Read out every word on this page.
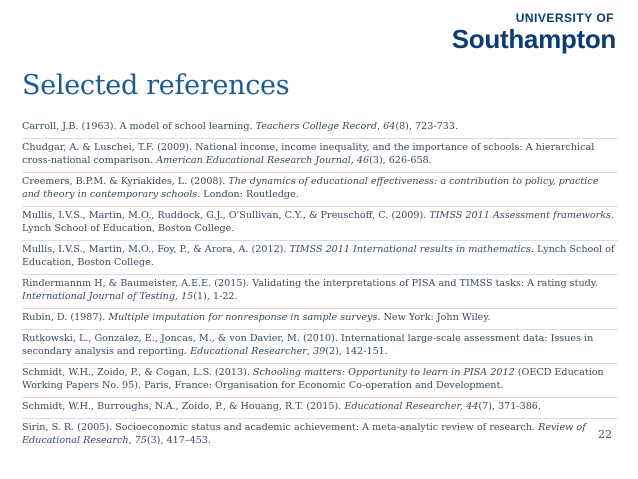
UNIVERSITY OF
Southampton
Selected references

Carroll, J.B. (1963). A model of school learning. Teachers College Record, 64(8), 723-733.

Chudgar, A. & Luschei, T.F. (2009). National income, income inequality, and the importance of schools: A hierarchical cross-national comparison. American Educational Research Journal, 46(3), 626-658.

Creemers, B.P.M. & Kyriakides, L. (2008). The dynamics of educational effectiveness: a contribution to policy, practice and theory in contemporary schools. London: Routledge.

Mullis, I.V.S., Martin, M.O., Ruddock, G.J., O'Sullivan, C.Y., & Preuschoff, C. (2009). TIMSS 2011 Assessment frameworks. Lynch School of Education, Boston College.

Mullis, I.V.S., Martin, M.O., Foy, P., & Arora, A. (2012). TIMSS 2011 International results in mathematics. Lynch School of Education, Boston College.

Rindermannm H, & Baumeister, A.E.E. (2015). Validating the interpretations of PISA and TIMSS tasks: A rating study. International Journal of Testing, 15(1), 1-22.

Rubin, D. (1987). Multiple imputation for nonresponse in sample surveys. New York: John Wiley.

Rutkowski, L., Gonzalez, E., Joncas, M., & von Davier, M. (2010). International large-scale assessment data: Issues in secondary analysis and reporting. Educational Researcher, 39(2), 142-151.

Schmidt, W.H., Zoido, P., & Cogan, L.S. (2013). Schooling matters: Opportunity to learn in PISA 2012 (OECD Education Working Papers No. 95). Paris, France: Organisation for Economic Co-operation and Development.

Schmidt, W.H., Burroughs, N.A., Zoido, P., & Houang, R.T. (2015). Educational Researcher, 44(7), 371-386.

Sirin, S. R. (2005). Socioeconomic status and academic achievement: A meta-analytic review of research. Review of Educational Research, 75(3), 417–453.	22
